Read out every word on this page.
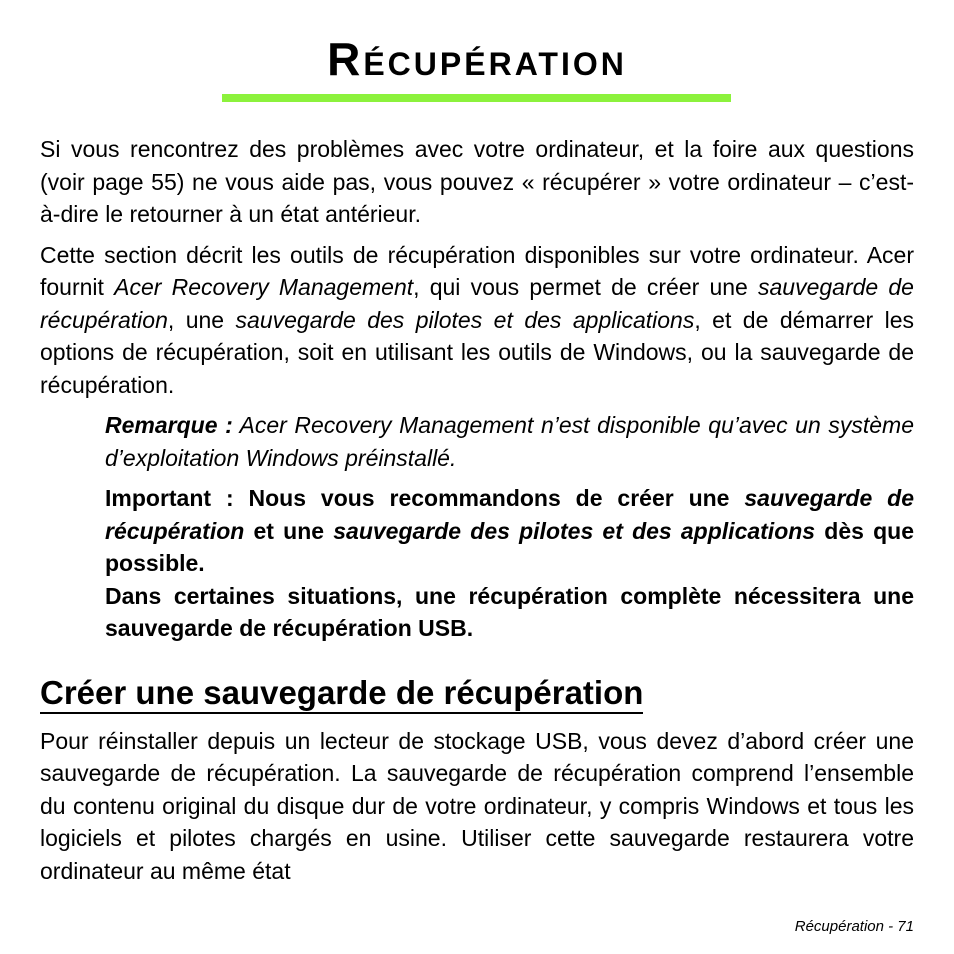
Récupération

Si vous rencontrez des problèmes avec votre ordinateur, et la foire aux questions (voir page 55) ne vous aide pas, vous pouvez « récupérer » votre ordinateur – c’est-à-dire le retourner à un état antérieur.

Cette section décrit les outils de récupération disponibles sur votre ordinateur. Acer fournit Acer Recovery Management, qui vous permet de créer une sauvegarde de récupération, une sauvegarde des pilotes et des applications, et de démarrer les options de récupération, soit en utilisant les outils de Windows, ou la sauvegarde de récupération.

Remarque : Acer Recovery Management n’est disponible qu’avec un système d’exploitation Windows préinstallé.

Important : Nous vous recommandons de créer une sauvegarde de récupération et une sauvegarde des pilotes et des applications dès que possible.

Dans certaines situations, une récupération complète nécessitera une sauvegarde de récupération USB.

Créer une sauvegarde de récupération

Pour réinstaller depuis un lecteur de stockage USB, vous devez d’abord créer une sauvegarde de récupération. La sauvegarde de récupération comprend l’ensemble du contenu original du disque dur de votre ordinateur, y compris Windows et tous les logiciels et pilotes chargés en usine. Utiliser cette sauvegarde restaurera votre ordinateur au même état

Récupération - 71
